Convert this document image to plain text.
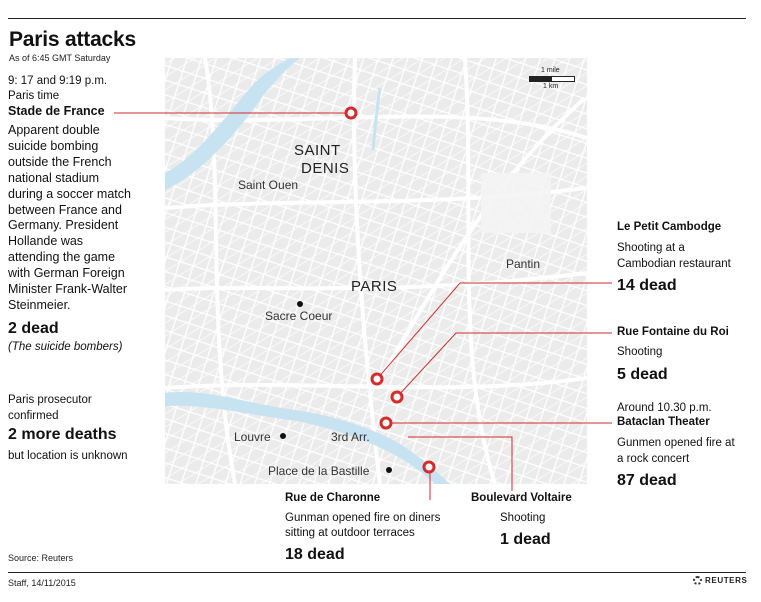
Paris attacks
As of 6:45 GMT Saturday
SAINT
DENIS
Saint Ouen
PARIS
Pantin
Sacre Coeur
Louvre	3rd Arr.
Place de la Bastille
1 mile
1 km
9: 17 and 9:19 p.m.
Paris time
Stade de France
Apparent double
suicide bombing
outside the French
national stadium
during a soccer match
between France and
Germany. President
Hollande was
attending the game
with German Foreign
Minister Frank-Walter
Steinmeier.
2 dead
(The suicide bombers)
Paris prosecutor
confirmed
2 more deaths
but location is unknown
Le Petit Cambodge
Shooting at a
Cambodian restaurant
14 dead
Rue Fontaine du Roi
Shooting
5 dead
Around 10.30 p.m.
Bataclan Theater
Gunmen opened fire at
a rock concert
87 dead
Rue de Charonne
Gunman opened fire on diners
sitting at outdoor terraces
18 dead
Boulevard Voltaire
Shooting
1 dead
Source: Reuters
Staff, 14/11/2015	REUTERS
